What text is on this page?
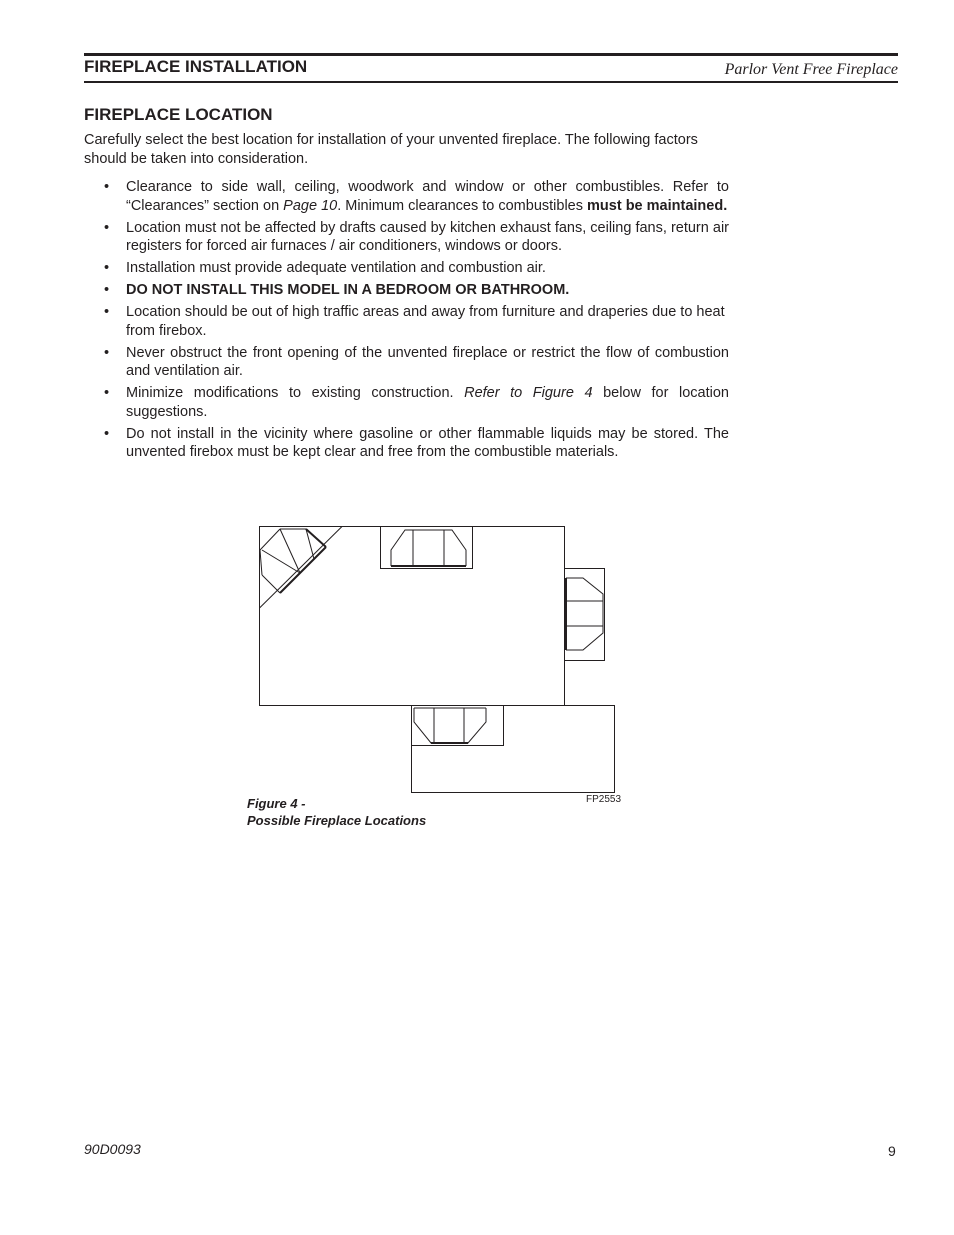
FIREPLACE INSTALLATION	Parlor Vent Free Fireplace
FIREPLACE LOCATION

Carefully select the best location for installation of your unvented fireplace. The following factors should be taken into consideration.

• Clearance to side wall, ceiling, woodwork and window or other combustibles. Refer to “Clearances” section on Page 10. Minimum clearances to combustibles must be maintained.
• Location must not be affected by drafts caused by kitchen exhaust fans, ceiling fans, return air registers for forced air furnaces / air conditioners, windows or doors.
• Installation must provide adequate ventilation and combustion air.
• DO NOT INSTALL THIS MODEL IN A BEDROOM OR BATHROOM.
• Location should be out of high traffic areas and away from furniture and draperies due to heat from firebox.
• Never obstruct the front opening of the unvented fireplace or restrict the flow of combustion and ventilation air.
• Minimize modifications to existing construction. Refer to Figure 4 below for location suggestions.
• Do not install in the vicinity where gasoline or other flammable liquids may be stored. The unvented firebox must be kept clear and free from the combustible materials.
FP2553
Figure 4 -
Possible Fireplace Locations
90D0093	9
